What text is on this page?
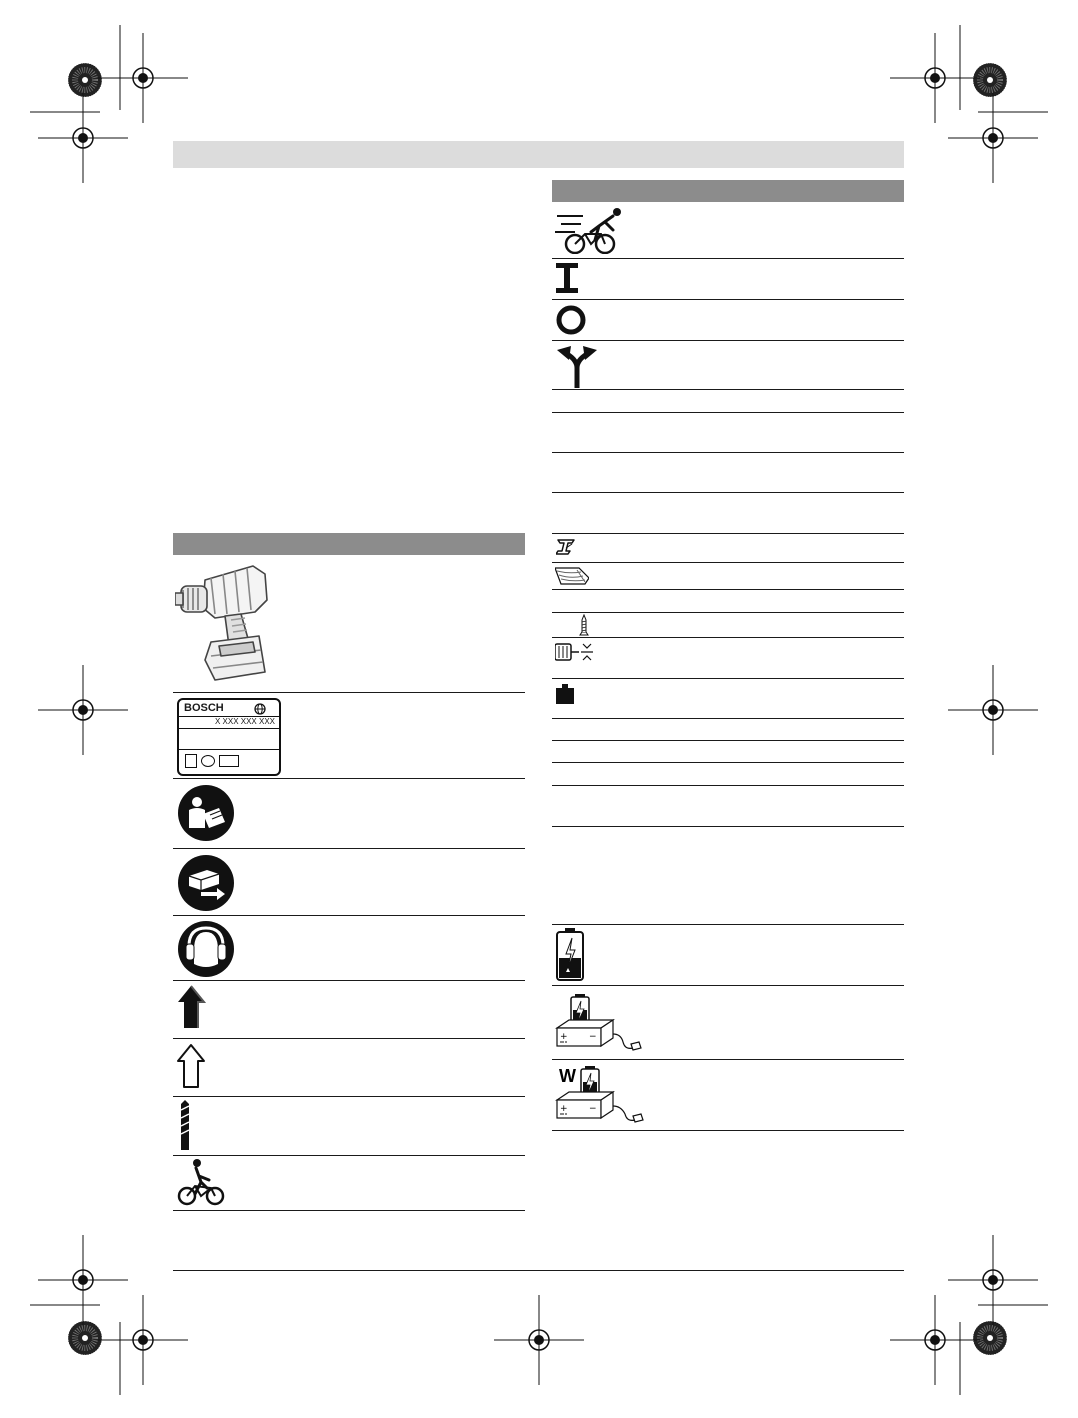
BOSCH
X XXX XXX XXX
+ −
W
+ −
